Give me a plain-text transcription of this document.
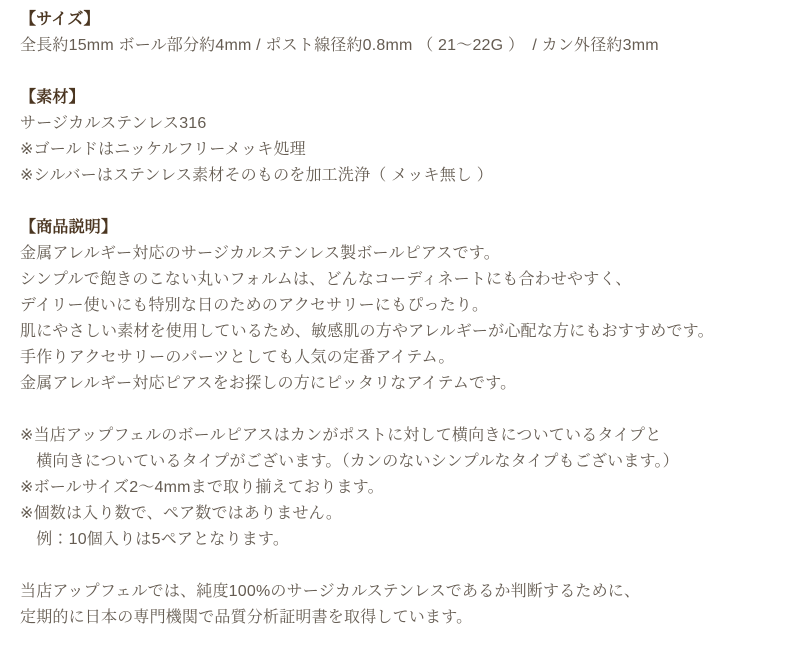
【サイズ】
全長約15mm ボール部分約4mm / ポスト線径約0.8mm （ 21～22G ）　/ カン外径約3mm
【素材】
サージカルステンレス316
※ゴールドはニッケルフリーメッキ処理
※シルバーはステンレス素材そのものを加工洗浄（ メッキ無し ）
【商品説明】
金属アレルギー対応のサージカルステンレス製ボールピアスです。
シンプルで飽きのこない丸いフォルムは、どんなコーディネートにも合わせやすく、
デイリー使いにも特別な日のためのアクセサリーにもぴったり。
肌にやさしい素材を使用しているため、敏感肌の方やアレルギーが心配な方にもおすすめです。
手作りアクセサリーのパーツとしても人気の定番アイテム。
金属アレルギー対応ピアスをお探しの方にピッタリなアイテムです。
※当店アップフェルのボールピアスはカンがポストに対して横向きについているタイプと
　横向きについているタイプがございます。（カンのないシンプルなタイプもございます。）
※ボールサイズ2～4mmまで取り揃えております。
※個数は入り数で、ペア数ではありません。
　例：10個入りは5ペアとなります。
当店アップフェルでは、純度100%のサージカルステンレスであるか判断するために、
定期的に日本の専門機関で品質分析証明書を取得しています。
